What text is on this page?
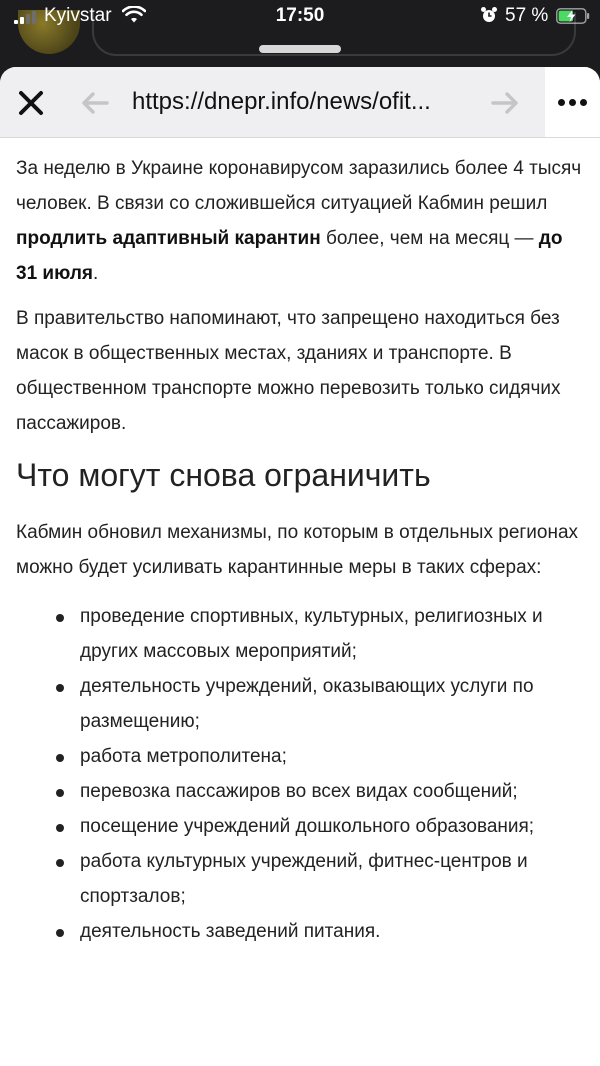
Kyivstar	17:50	57 %
https://dnepr.info/news/ofit...

За неделю в Украине коронавирусом заразились более 4 тысяч человек. В связи со сложившейся ситуацией Кабмин решил продлить адаптивный карантин более, чем на месяц — до 31 июля.

В правительство напоминают, что запрещено находиться без масок в общественных местах, зданиях и транспорте. В общественном транспорте можно перевозить только сидячих пассажиров.

Что могут снова ограничить

Кабмин обновил механизмы, по которым в отдельных регионах можно будет усиливать карантинные меры в таких сферах:

проведение спортивных, культурных, религиозных и других массовых мероприятий;
деятельность учреждений, оказывающих услуги по размещению;
работа метрополитена;
перевозка пассажиров во всех видах сообщений;
посещение учреждений дошкольного образования;
работа культурных учреждений, фитнес-центров и спортзалов;
деятельность заведений питания.
